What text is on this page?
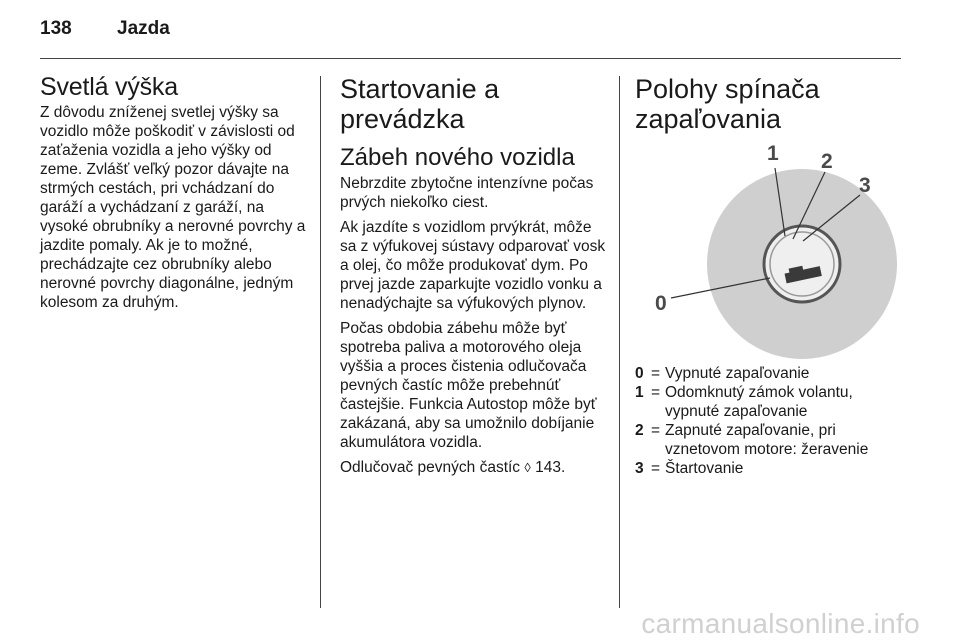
138 Jazda
Svetlá výška

Z dôvodu zníženej svetlej výšky sa vozidlo môže poškodiť v závislosti od zaťaženia vozidla a jeho výšky od zeme. Zvlášť veľký pozor dávajte na strmých cestách, pri vchádzaní do garáží a vychádzaní z garáží, na vysoké obrubníky a nerovné povrchy a jazdite pomaly. Ak je to možné, prechádzajte cez obrubníky alebo nerovné povrchy diagonálne, jedným kolesom za druhým.

Startovanie a prevádzka
Zábeh nového vozidla

Nebrzdite zbytočne intenzívne počas prvých niekoľko ciest.

Ak jazdíte s vozidlom prvýkrát, môže sa z výfukovej sústavy odparovať vosk a olej, čo môže produkovať dym. Po prvej jazde zaparkujte vozidlo vonku a nenadýchajte sa výfukových plynov.

Počas obdobia zábehu môže byť spotreba paliva a motorového oleja vyššia a proces čistenia odlučovača pevných častíc môže prebehnúť častejšie. Funkcia Autostop môže byť zakázaná, aby sa umožnilo dobíjanie akumulátora vozidla.

Odlučovač pevných častíc ◊ 143.

Polohy spínača zapaľovania
0
1 2
3
0 = Vypnuté zapaľovanie
1 = Odomknutý zámok volantu, vypnuté zapaľovanie
2 = Zapnuté zapaľovanie, pri vznetovom motore: žeravenie
3 = Štartovanie
carmanualsonline.info
